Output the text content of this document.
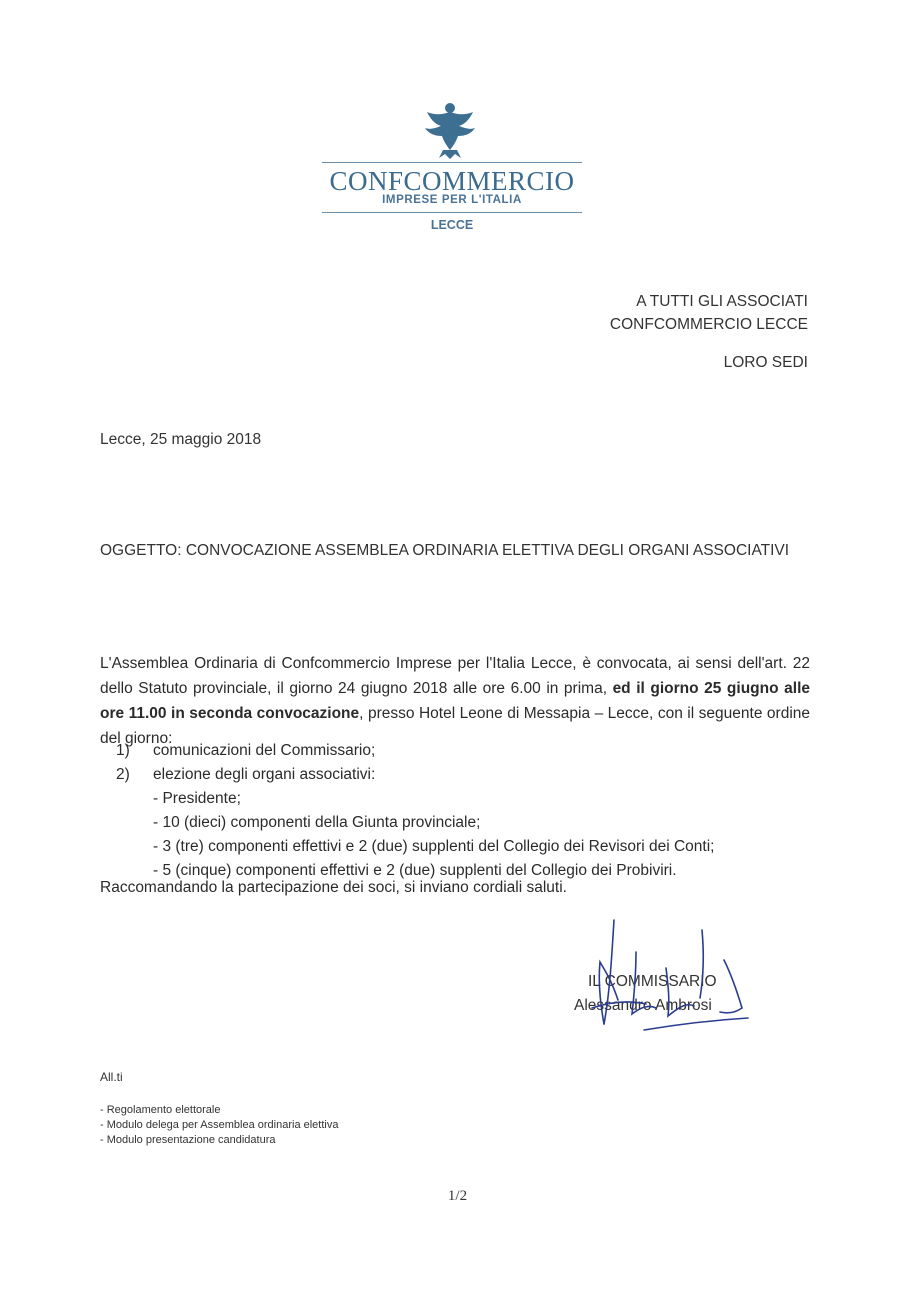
CONFCOMMERCIO
IMPRESE PER L'ITALIA
LECCE
A TUTTI GLI ASSOCIATI
CONFCOMMERCIO LECCE
LORO SEDI
Lecce, 25 maggio 2018
OGGETTO: CONVOCAZIONE ASSEMBLEA ORDINARIA ELETTIVA DEGLI ORGANI ASSOCIATIVI
L'Assemblea Ordinaria di Confcommercio Imprese per l'Italia Lecce, è convocata, ai sensi dell'art. 22 dello Statuto provinciale, il giorno 24 giugno 2018 alle ore 6.00 in prima, ed il giorno 25 giugno alle ore 11.00 in seconda convocazione, presso Hotel Leone di Messapia – Lecce, con il seguente ordine del giorno:
1) comunicazioni del Commissario;
2) elezione degli organi associativi:
- Presidente;
- 10 (dieci) componenti della Giunta provinciale;
- 3 (tre) componenti effettivi e 2 (due) supplenti del Collegio dei Revisori dei Conti;
- 5 (cinque) componenti effettivi e 2 (due) supplenti del Collegio dei Probiviri.
Raccomandando la partecipazione dei soci, si inviano cordiali saluti.
IL COMMISSARIO
Alessandro Ambrosi
All.ti
- Regolamento elettorale
- Modulo delega per Assemblea ordinaria elettiva
- Modulo presentazione candidatura
1/2
